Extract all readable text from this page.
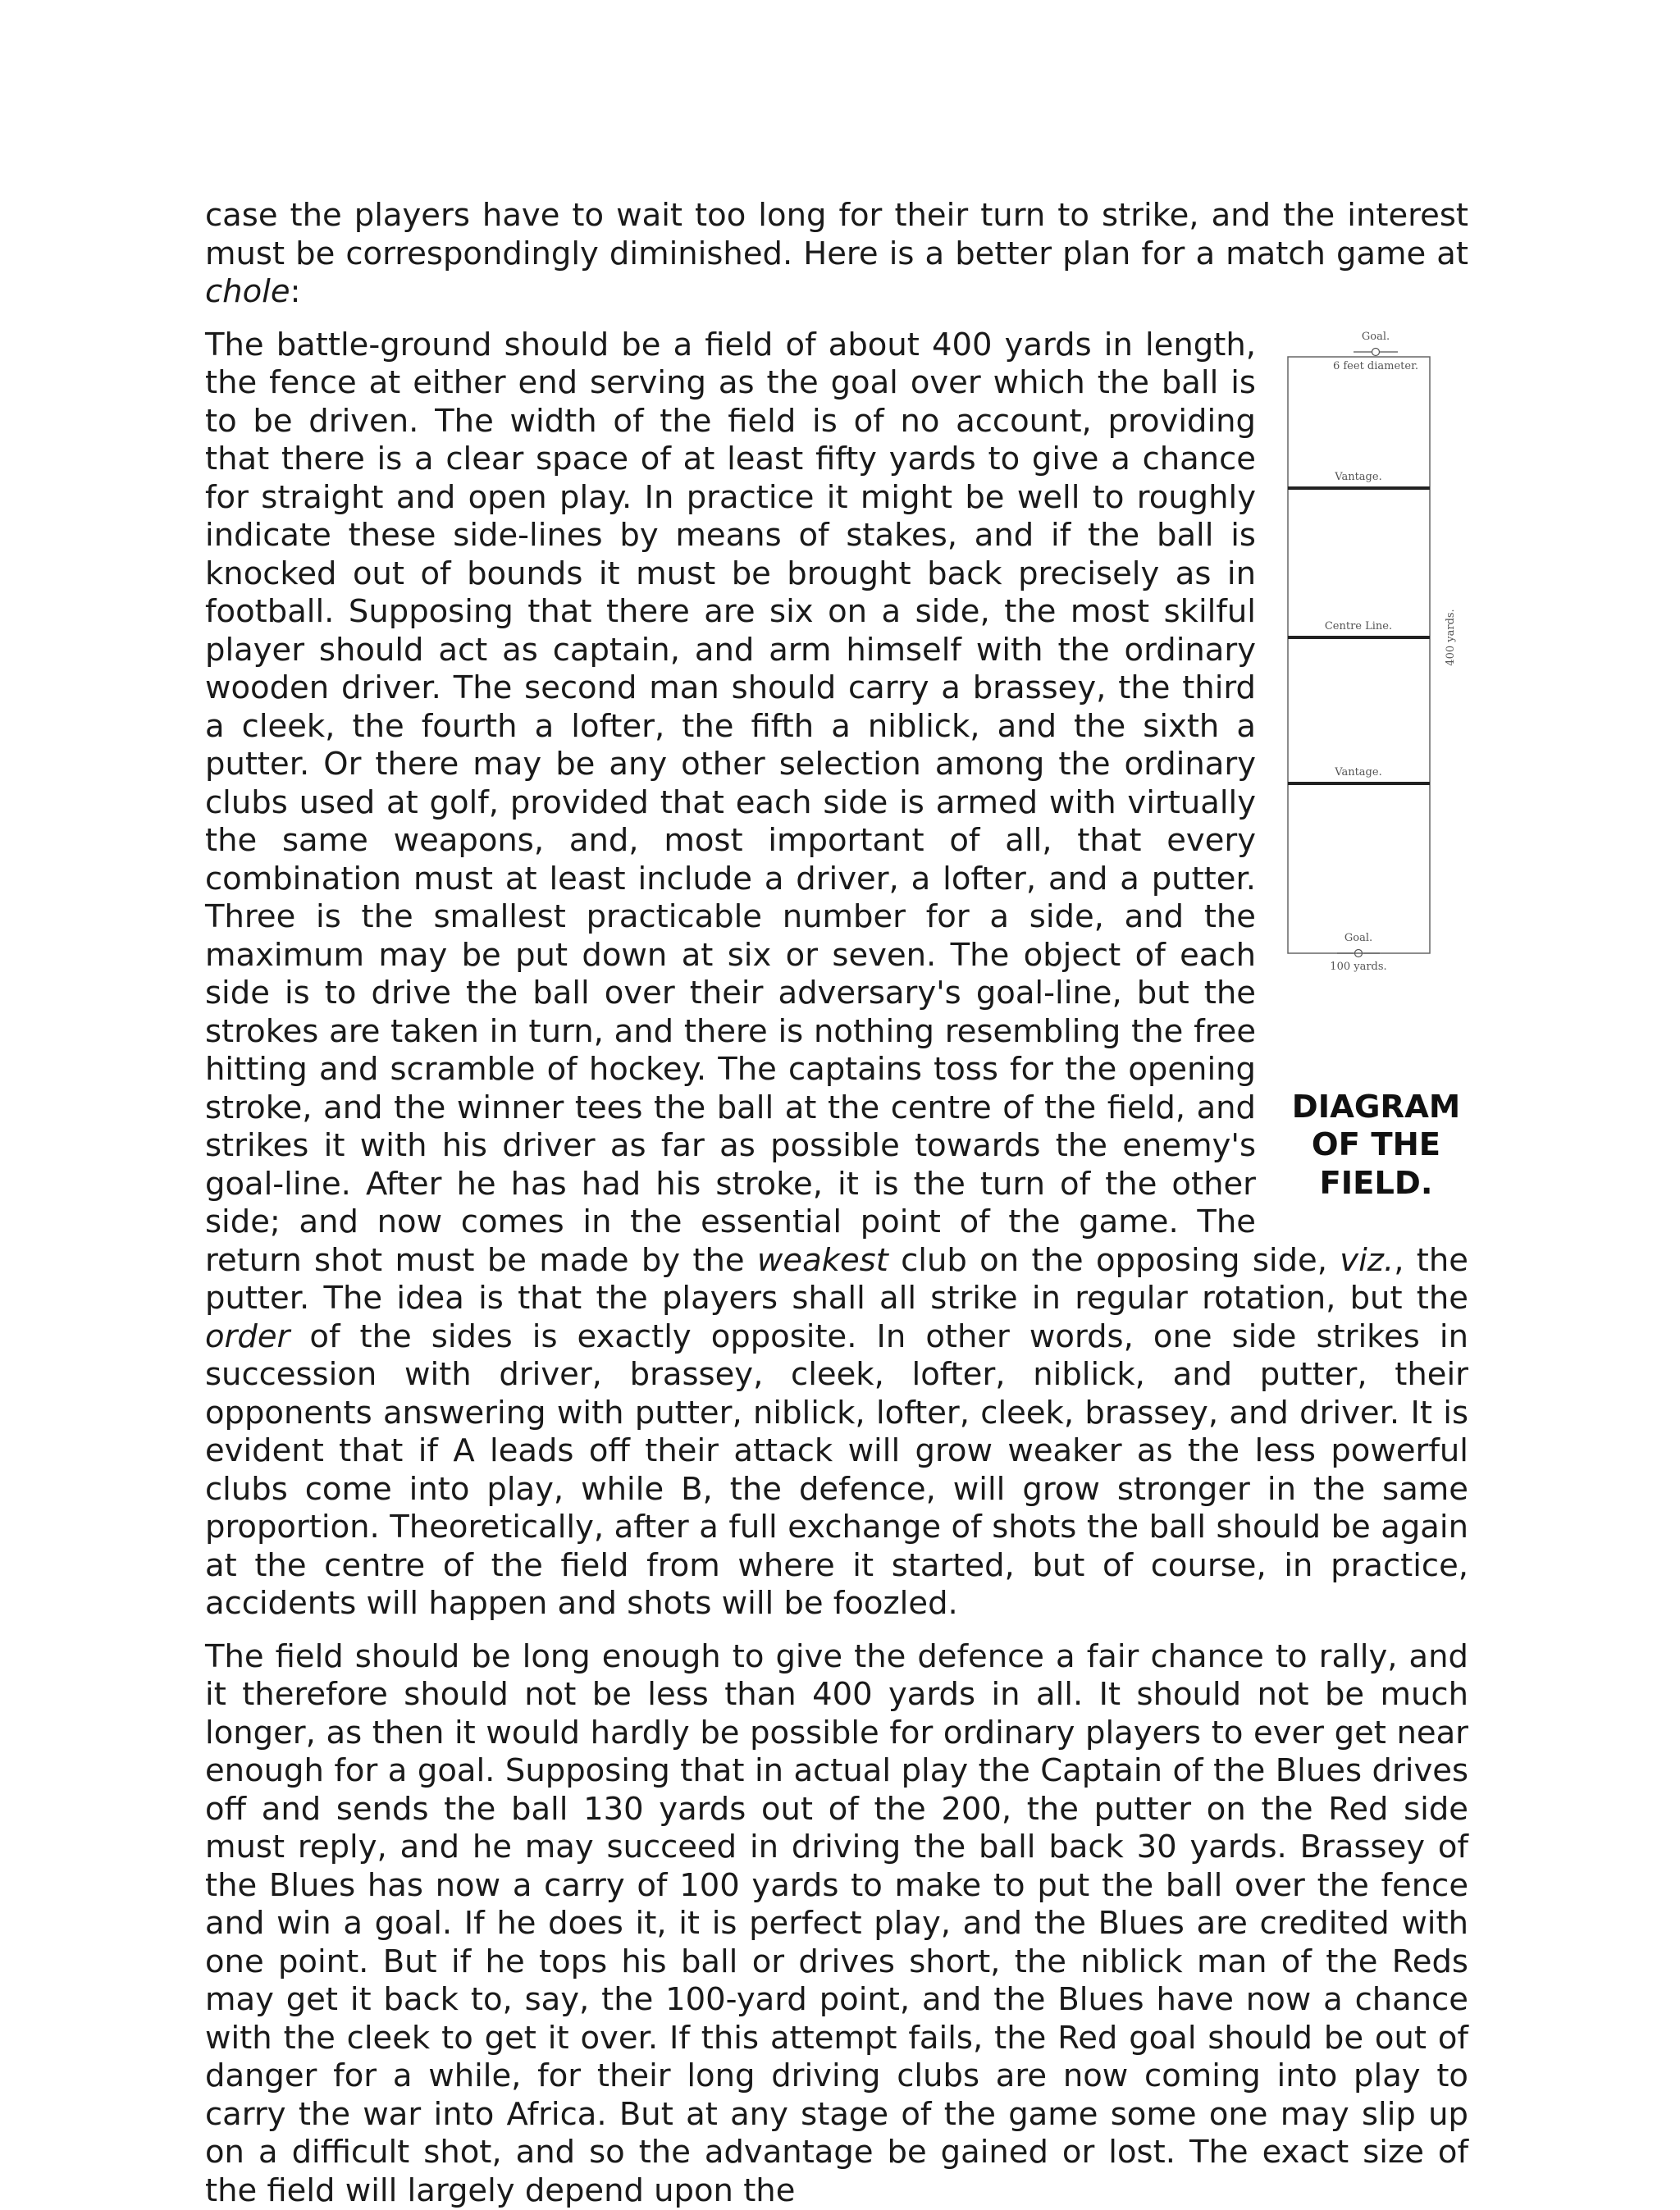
case the players have to wait too long for their turn to strike, and the interest must be correspondingly diminished. Here is a better plan for a match game at chole:

Goal.
6 feet diameter.
Vantage.
Centre Line.
Vantage.
Goal.
100 yards.
400 yards.
DIAGRAM
OF THE
FIELD.
The battle-ground should be a field of about 400 yards in length, the fence at either end serving as the goal over which the ball is to be driven. The width of the field is of no account, providing that there is a clear space of at least fifty yards to give a chance for straight and open play. In practice it might be well to roughly indicate these side-lines by means of stakes, and if the ball is knocked out of bounds it must be brought back precisely as in football. Supposing that there are six on a side, the most skilful player should act as captain, and arm himself with the ordinary wooden driver. The second man should carry a brassey, the third a cleek, the fourth a lofter, the fifth a niblick, and the sixth a putter. Or there may be any other selection among the ordinary clubs used at golf, provided that each side is armed with virtually the same weapons, and, most important of all, that every combination must at least include a driver, a lofter, and a putter. Three is the smallest practicable number for a side, and the maximum may be put down at six or seven. The object of each side is to drive the ball over their adversary's goal-line, but the strokes are taken in turn, and there is nothing resembling the free hitting and scramble of hockey. The captains toss for the opening stroke, and the winner tees the ball at the centre of the field, and strikes it with his driver as far as possible towards the enemy's goal-line. After he has had his stroke, it is the turn of the other side; and now comes in the essential point of the game. The return shot must be made by the weakest club on the opposing side, viz., the putter. The idea is that the players shall all strike in regular rotation, but the order of the sides is exactly opposite. In other words, one side strikes in succession with driver, brassey, cleek, lofter, niblick, and putter, their opponents answering with putter, niblick, lofter, cleek, brassey, and driver. It is evident that if A leads off their attack will grow weaker as the less powerful clubs come into play, while B, the defence, will grow stronger in the same proportion. Theoretically, after a full exchange of shots the ball should be again at the centre of the field from where it started, but of course, in practice, accidents will happen and shots will be foozled.

The field should be long enough to give the defence a fair chance to rally, and it therefore should not be less than 400 yards in all. It should not be much longer, as then it would hardly be possible for ordinary players to ever get near enough for a goal. Supposing that in actual play the Captain of the Blues drives off and sends the ball 130 yards out of the 200, the putter on the Red side must reply, and he may succeed in driving the ball back 30 yards. Brassey of the Blues has now a carry of 100 yards to make to put the ball over the fence and win a goal. If he does it, it is perfect play, and the Blues are credited with one point. But if he tops his ball or drives short, the niblick man of the Reds may get it back to, say, the 100-yard point, and the Blues have now a chance with the cleek to get it over. If this attempt fails, the Red goal should be out of danger for a while, for their long driving clubs are now coming into play to carry the war into Africa. But at any stage of the game some one may slip up on a difficult shot, and so the advantage be gained or lost. The exact size of the field will largely depend upon the
